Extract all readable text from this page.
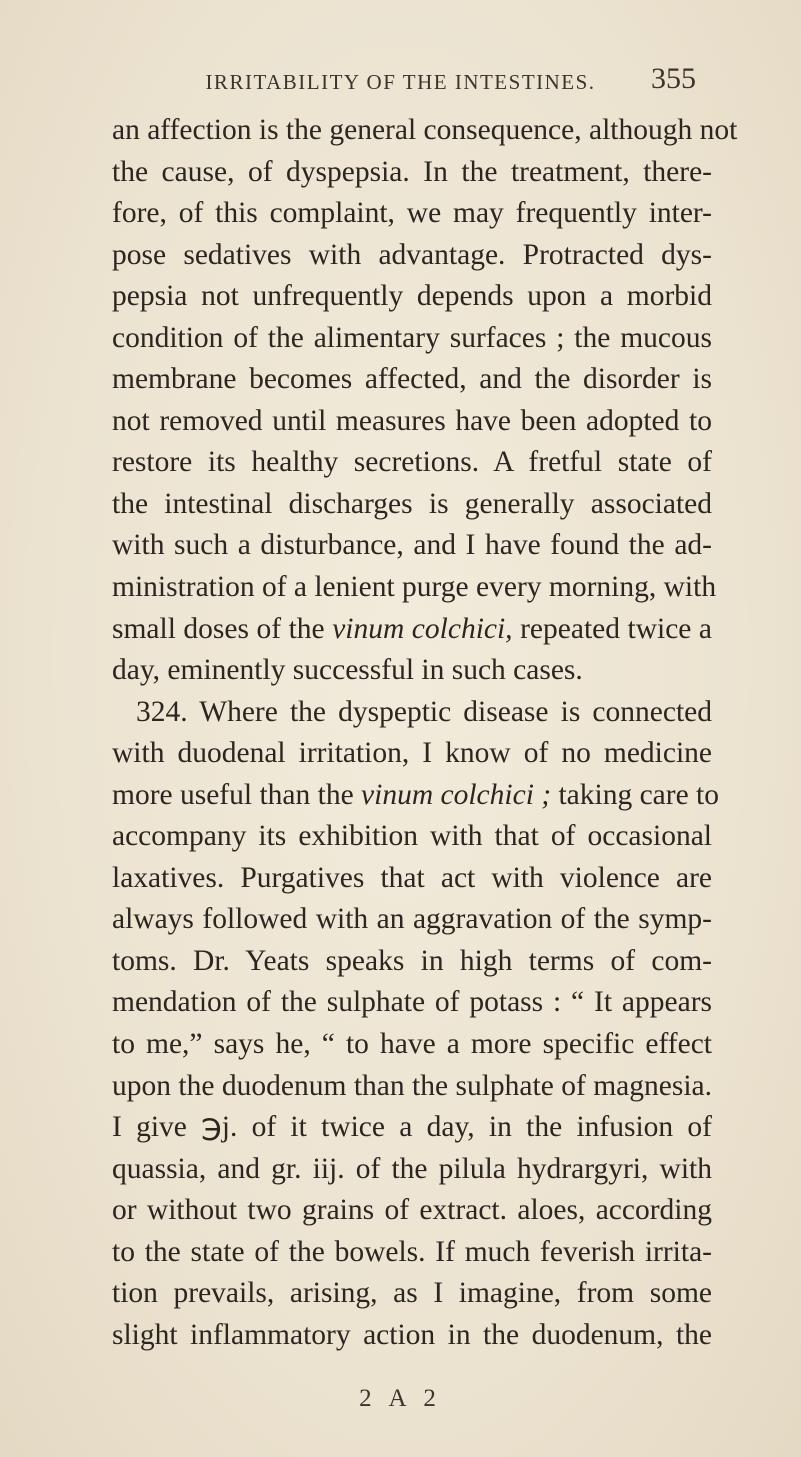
IRRITABILITY OF THE INTESTINES.	355
an affection is the general consequence, although not
the cause, of dyspepsia. In the treatment, there-
fore, of this complaint, we may frequently inter-
pose sedatives with advantage. Protracted dys-
pepsia not unfrequently depends upon a morbid
condition of the alimentary surfaces ; the mucous
membrane becomes affected, and the disorder is
not removed until measures have been adopted to
restore its healthy secretions. A fretful state of
the intestinal discharges is generally associated
with such a disturbance, and I have found the ad-
ministration of a lenient purge every morning, with
small doses of the vinum colchici, repeated twice a
day, eminently successful in such cases.
324. Where the dyspeptic disease is connected
with duodenal irritation, I know of no medicine
more useful than the vinum colchici ; taking care to
accompany its exhibition with that of occasional
laxatives. Purgatives that act with violence are
always followed with an aggravation of the symp-
toms. Dr. Yeats speaks in high terms of com-
mendation of the sulphate of potass : “ It appears
to me,” says he, “ to have a more specific effect
upon the duodenum than the sulphate of magnesia.
I give ℈j. of it twice a day, in the infusion of
quassia, and gr. iij. of the pilula hydrargyri, with
or without two grains of extract. aloes, according
to the state of the bowels. If much feverish irrita-
tion prevails, arising, as I imagine, from some
slight inflammatory action in the duodenum, the
2 A 2
